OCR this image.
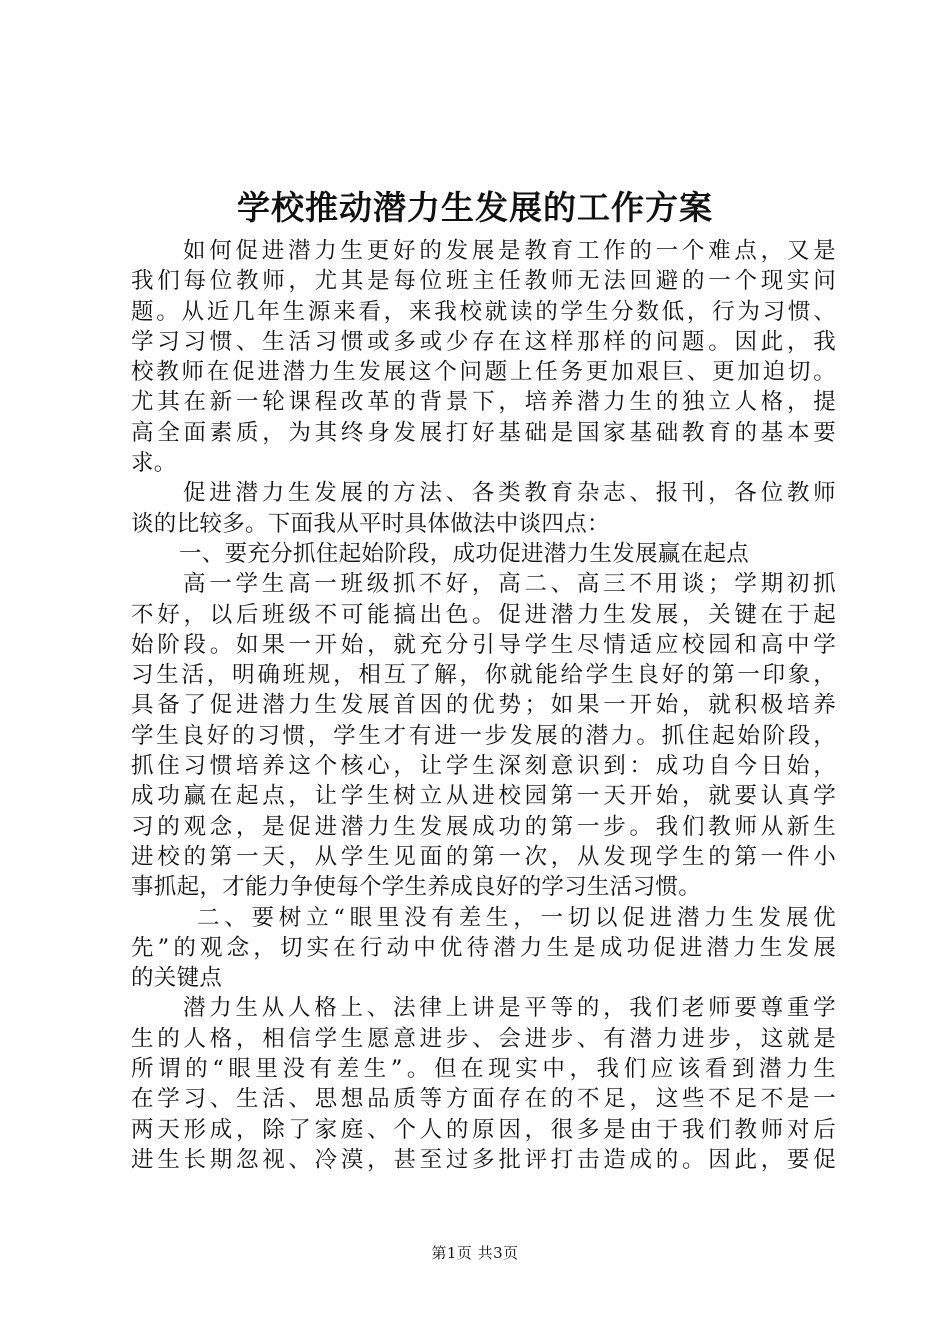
学校推动潜力生发展的工作方案
如何促进潜力生更好的发展是教育工作的一个难点，又是
我们每位教师，尤其是每位班主任教师无法回避的一个现实问
题。从近几年生源来看，来我校就读的学生分数低，行为习惯、
学习习惯、生活习惯或多或少存在这样那样的问题。因此，我
校教师在促进潜力生发展这个问题上任务更加艰巨、更加迫切。
尤其在新一轮课程改革的背景下，培养潜力生的独立人格，提
高全面素质，为其终身发展打好基础是国家基础教育的基本要
求。
促进潜力生发展的方法、各类教育杂志、报刊，各位教师
谈的比较多。下面我从平时具体做法中谈四点：
一、要充分抓住起始阶段，成功促进潜力生发展赢在起点
高一学生高一班级抓不好，高二、高三不用谈；学期初抓
不好，以后班级不可能搞出色。促进潜力生发展，关键在于起
始阶段。如果一开始，就充分引导学生尽情适应校园和高中学
习生活，明确班规，相互了解，你就能给学生良好的第一印象，
具备了促进潜力生发展首因的优势；如果一开始，就积极培养
学生良好的习惯，学生才有进一步发展的潜力。抓住起始阶段，
抓住习惯培养这个核心，让学生深刻意识到：成功自今日始，
成功赢在起点，让学生树立从进校园第一天开始，就要认真学
习的观念，是促进潜力生发展成功的第一步。我们教师从新生
进校的第一天，从学生见面的第一次，从发现学生的第一件小
事抓起，才能力争使每个学生养成良好的学习生活习惯。
二、要树立“眼里没有差生，一切以促进潜力生发展优
先”的观念，切实在行动中优待潜力生是成功促进潜力生发展
的关键点
潜力生从人格上、法律上讲是平等的，我们老师要尊重学
生的人格，相信学生愿意进步、会进步、有潜力进步，这就是
所谓的“眼里没有差生”。但在现实中，我们应该看到潜力生
在学习、生活、思想品质等方面存在的不足，这些不足不是一
两天形成，除了家庭、个人的原因，很多是由于我们教师对后
进生长期忽视、冷漠，甚至过多批评打击造成的。因此，要促
第1页 共3页
